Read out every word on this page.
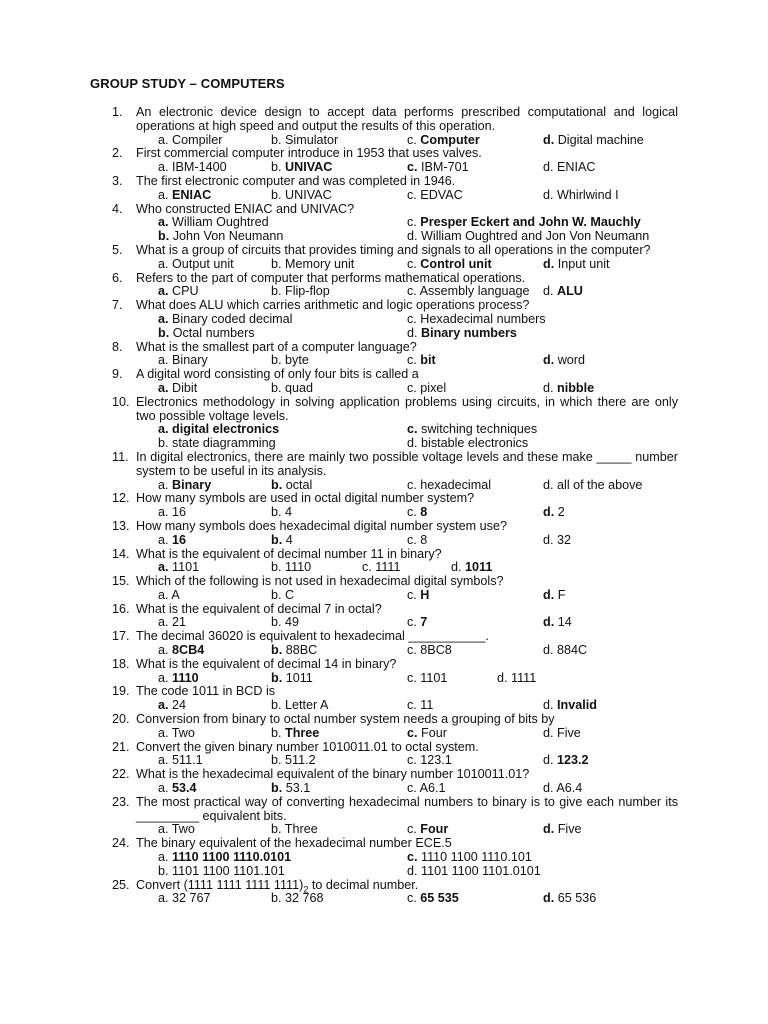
GROUP STUDY – COMPUTERS
1.	An electronic device design to accept data performs prescribed computational and logical operations at high speed and output the results of this operation.
a. Compiler	b. Simulator	c. Computer	d. Digital machine
2.	First commercial computer introduce in 1953 that uses valves.
a. IBM-1400	b. UNIVAC	c. IBM-701	d. ENIAC
3.	The first electronic computer and was completed in 1946.
a. ENIAC	b. UNIVAC	c. EDVAC	d. Whirlwind I
4.	Who constructed ENIAC and UNIVAC?
a. William Oughtred	c. Presper Eckert and John W. Mauchly
b. John Von Neumann	d. William Oughtred and Jon Von Neumann
5.	What is a group of circuits that provides timing and signals to all operations in the computer?
a. Output unit	b. Memory unit	c. Control unit	d. Input unit
6.	Refers to the part of computer that performs mathematical operations.
a. CPU	b. Flip-flop	c. Assembly language d. ALU
7.	What does ALU which carries arithmetic and logic operations process?
a. Binary coded decimal	c. Hexadecimal numbers
b. Octal numbers	d. Binary numbers
8.	What is the smallest part of a computer language?
a. Binary	b. byte	c. bit	d. word
9.	A digital word consisting of only four bits is called a
a. Dibit	b. quad	c. pixel	d. nibble
10. Electronics methodology in solving application problems using circuits, in which there are only two possible voltage levels.
a. digital electronics	c. switching techniques
b. state diagramming	d. bistable electronics
11. In digital electronics, there are mainly two possible voltage levels and these make _____ number system to be useful in its analysis.
a. Binary	b. octal	c. hexadecimal	d. all of the above
12. How many symbols are used in octal digital number system?
a. 16	b. 4	c. 8	d. 2
13. How many symbols does hexadecimal digital number system use?
a. 16	b. 4	c. 8	d. 32
14. What is the equivalent of decimal number 11 in binary?
a. 1101	b. 1110	c. 1111	d. 1011
15. Which of the following is not used in hexadecimal digital symbols?
a. A	b. C	c. H	d. F
16. What is the equivalent of decimal 7 in octal?
a. 21	b. 49	c. 7	d. 14
17. The decimal 36020 is equivalent to hexadecimal ___________.
a. 8CB4	b. 88BC	c. 8BC8	d. 884C
18. What is the equivalent of decimal 14 in binary?
a. 1110	b. 1011	c. 1101	d. 1111
19. The code 1011 in BCD is
a. 24	b. Letter A	c. 11	d. Invalid
20. Conversion from binary to octal number system needs a grouping of bits by
a. Two	b. Three	c. Four	d. Five
21. Convert the given binary number 1010011.01 to octal system.
a. 511.1	b. 511.2	c. 123.1	d. 123.2
22. What is the hexadecimal equivalent of the binary number 1010011.01?
a. 53.4	b. 53.1	c. A6.1	d. A6.4
23. The most practical way of converting hexadecimal numbers to binary is to give each number its _________ equivalent bits.
a. Two	b. Three	c. Four	d. Five
24. The binary equivalent of the hexadecimal number ECE.5
a. 1110 1100 1110.0101	c. 1110 1100 1110.101
b. 1101 1100 1101.101	d. 1101 1100 1101.0101
25. Convert (1111 1111 1111 $1111)_2$ to decimal number.
a. 32 767	b. 32 768	c. 65 535	d. 65 536
